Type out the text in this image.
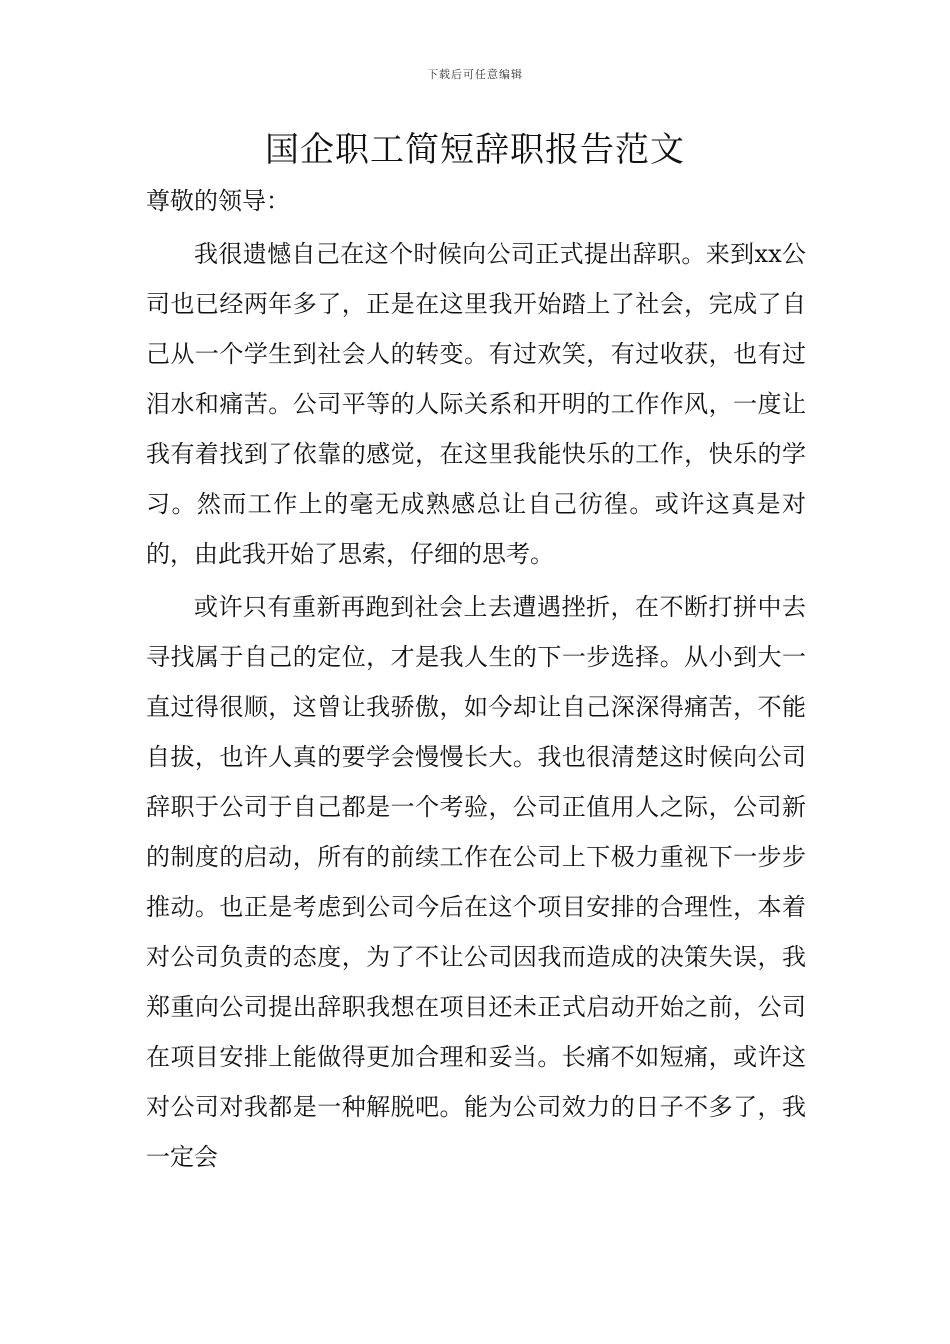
下载后可任意编辑
国企职工简短辞职报告范文

尊敬的领导：

我很遗憾自己在这个时候向公司正式提出辞职。来到xx公司也已经两年多了，正是在这里我开始踏上了社会，完成了自己从一个学生到社会人的转变。有过欢笑，有过收获，也有过泪水和痛苦。公司平等的人际关系和开明的工作作风，一度让我有着找到了依靠的感觉，在这里我能快乐的工作，快乐的学习。然而工作上的毫无成熟感总让自己彷徨。或许这真是对的，由此我开始了思索，仔细的思考。

或许只有重新再跑到社会上去遭遇挫折，在不断打拼中去寻找属于自己的定位，才是我人生的下一步选择。从小到大一直过得很顺，这曾让我骄傲，如今却让自己深深得痛苦，不能自拔，也许人真的要学会慢慢长大。我也很清楚这时候向公司辞职于公司于自己都是一个考验，公司正值用人之际，公司新的制度的启动，所有的前续工作在公司上下极力重视下一步步推动。也正是考虑到公司今后在这个项目安排的合理性，本着对公司负责的态度，为了不让公司因我而造成的决策失误，我郑重向公司提出辞职我想在项目还未正式启动开始之前，公司在项目安排上能做得更加合理和妥当。长痛不如短痛，或许这对公司对我都是一种解脱吧。能为公司效力的日子不多了，我一定会
